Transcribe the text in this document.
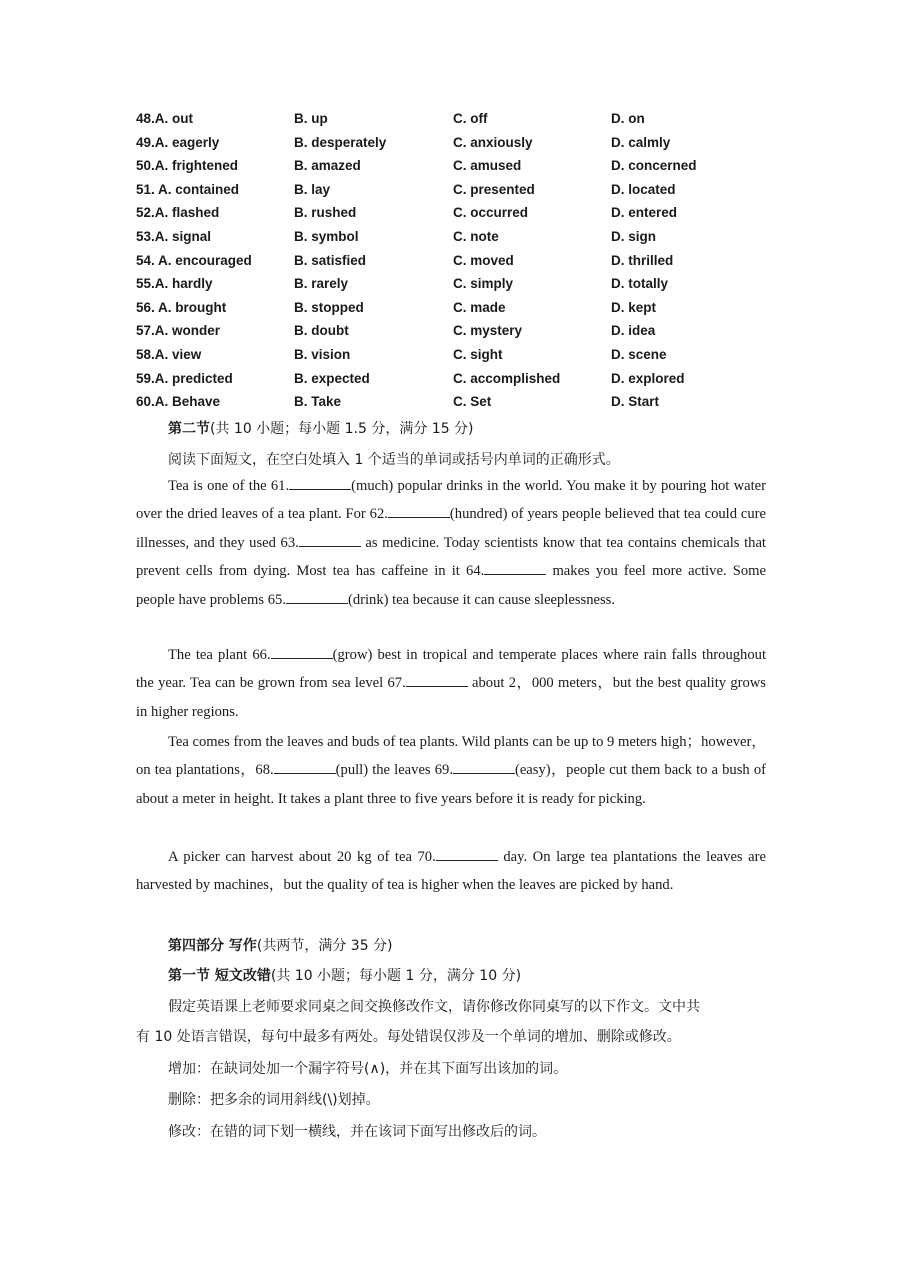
48.A. out	B. up	C. off	D. on
49.A. eagerly	B. desperately	C. anxiously	D. calmly
50.A. frightened	B. amazed	C. amused	D. concerned
51. A. contained	B. lay	C. presented	D. located
52.A. flashed	B. rushed	C. occurred	D. entered
53.A. signal	B. symbol	C. note	D. sign
54. A. encouraged	B. satisfied	C. moved	D. thrilled
55.A. hardly	B. rarely	C. simply	D. totally
56. A. brought	B. stopped	C. made	D. kept
57.A. wonder	B. doubt	C. mystery	D. idea
58.A. view	B. vision	C. sight	D. scene
59.A. predicted	B. expected	C. accomplished	D. explored
60.A. Behave	B. Take	C. Set	D. Start
第二节(共 10 小题；每小题 1.5 分，满分 15 分)
阅读下面短文，在空白处填入 1 个适当的单词或括号内单词的正确形式。
Tea is one of the 61.	(much) popular drinks in the world. You make it by pouring hot water over the dried leaves of a tea plant. For 62.	(hundred) of years people believed that tea could cure illnesses, and they used 63.	as medicine. Today scientists know that tea contains chemicals that prevent cells from dying. Most tea has caffeine in it 64.	makes you feel more active. Some people have problems 65.	(drink) tea because it can cause sleeplessness.
The tea plant 66.	(grow) best in tropical and temperate places where rain falls throughout the year. Tea can be grown from sea level 67.	about 2，000 meters，but the best quality grows in higher regions.
Tea comes from the leaves and buds of tea plants. Wild plants can be up to 9 meters high；however，on tea plantations，68.	(pull) the leaves 69.	(easy)，people cut them back to a bush of about a meter in height. It takes a plant three to five years before it is ready for picking.
A picker can harvest about 20 kg of tea 70.	day. On large tea plantations the leaves are harvested by machines，but the quality of tea is higher when the leaves are picked by hand.
第四部分 写作(共两节，满分 35 分)
第一节 短文改错(共 10 小题；每小题 1 分，满分 10 分)
假定英语课上老师要求同桌之间交换修改作文，请你修改你同桌写的以下作文。文中共
有 10 处语言错误，每句中最多有两处。每处错误仅涉及一个单词的增加、删除或修改。
增加：在缺词处加一个漏字符号(∧)，并在其下面写出该加的词。
删除：把多余的词用斜线(\)划掉。
修改：在错的词下划一横线，并在该词下面写出修改后的词。
